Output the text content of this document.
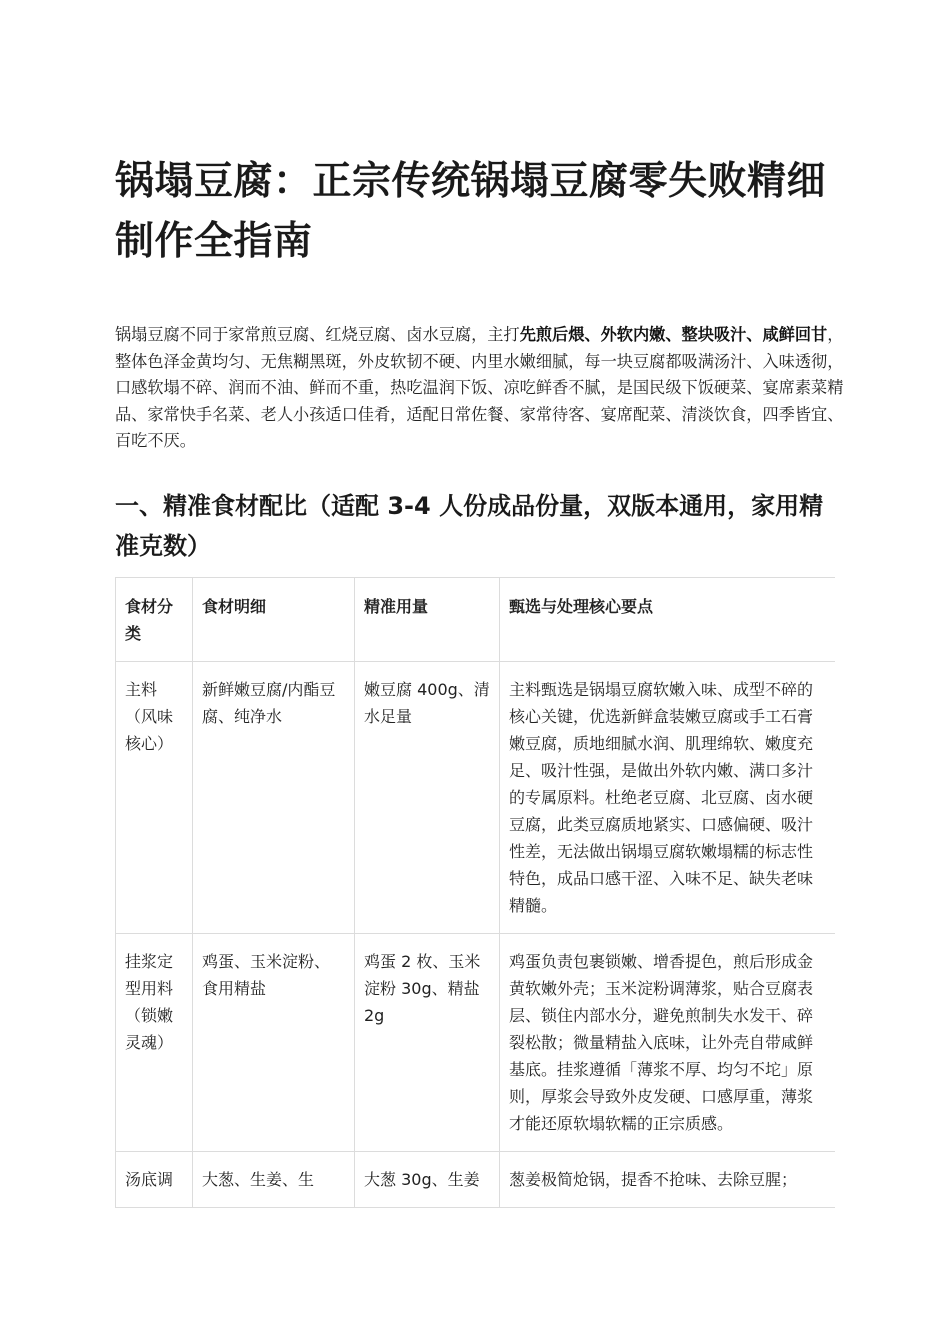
锅塌豆腐：正宗传统锅塌豆腐零失败精细制作全指南

锅塌豆腐不同于家常煎豆腐、红烧豆腐、卤水豆腐，主打先煎后煨、外软内嫩、整块吸汁、咸鲜回甘，整体色泽金黄均匀、无焦糊黑斑，外皮软韧不硬、内里水嫩细腻，每一块豆腐都吸满汤汁、入味透彻，口感软塌不碎、润而不油、鲜而不重，热吃温润下饭、凉吃鲜香不腻，是国民级下饭硬菜、宴席素菜精品、家常快手名菜、老人小孩适口佳肴，适配日常佐餐、家常待客、宴席配菜、清淡饮食，四季皆宜、百吃不厌。

一、精准食材配比（适配 3-4 人份成品份量，双版本通用，家用精准克数）
食材分类	食材明细	精准用量	甄选与处理核心要点
主料（风味核心）	新鲜嫩豆腐/内酯豆腐、纯净水	嫩豆腐 400g、清水足量	主料甄选是锅塌豆腐软嫩入味、成型不碎的核心关键，优选新鲜盒装嫩豆腐或手工石膏嫩豆腐，质地细腻水润、肌理绵软、嫩度充足、吸汁性强，是做出外软内嫩、满口多汁的专属原料。杜绝老豆腐、北豆腐、卤水硬豆腐，此类豆腐质地紧实、口感偏硬、吸汁性差，无法做出锅塌豆腐软嫩塌糯的标志性特色，成品口感干涩、入味不足、缺失老味精髓。
挂浆定型用料（锁嫩灵魂）	鸡蛋、玉米淀粉、食用精盐	鸡蛋 2 枚、玉米淀粉 30g、精盐 2g	鸡蛋负责包裹锁嫩、增香提色，煎后形成金黄软嫩外壳；玉米淀粉调薄浆，贴合豆腐表层、锁住内部水分，避免煎制失水发干、碎裂松散；微量精盐入底味，让外壳自带咸鲜基底。挂浆遵循「薄浆不厚、均匀不坨」原则，厚浆会导致外皮发硬、口感厚重，薄浆才能还原软塌软糯的正宗质感。
汤底调	大葱、生姜、生	大葱 30g、生姜	葱姜极简炝锅，提香不抢味、去除豆腥；
